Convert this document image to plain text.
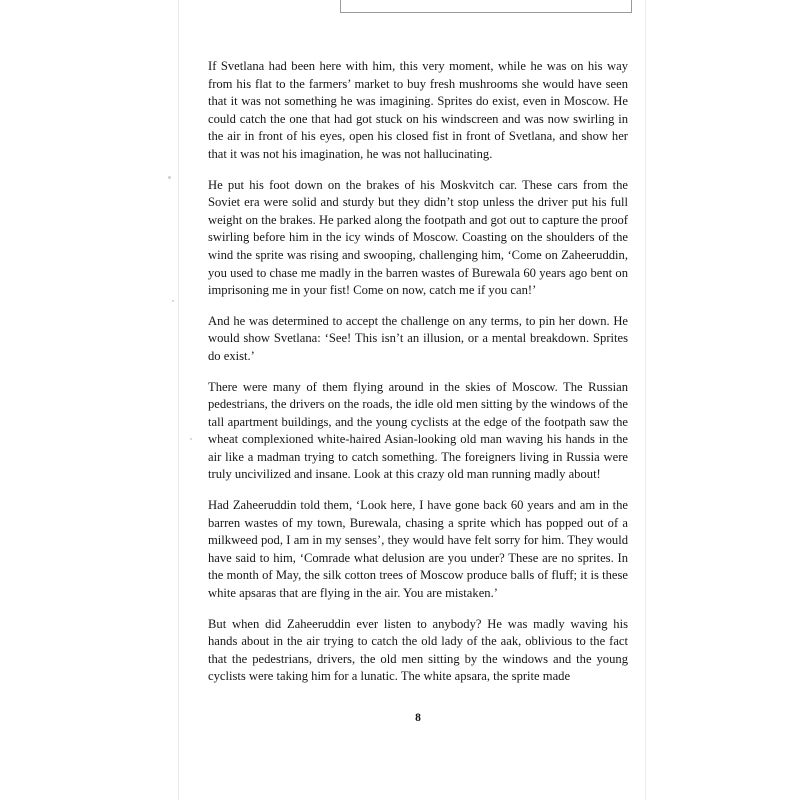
If Svetlana had been here with him, this very moment, while he was on his way from his flat to the farmers’ market to buy fresh mushrooms she would have seen that it was not something he was imagining. Sprites do exist, even in Moscow. He could catch the one that had got stuck on his windscreen and was now swirling in the air in front of his eyes, open his closed fist in front of Svetlana, and show her that it was not his imagination, he was not hallucinating.

He put his foot down on the brakes of his Moskvitch car. These cars from the Soviet era were solid and sturdy but they didn’t stop unless the driver put his full weight on the brakes. He parked along the footpath and got out to capture the proof swirling before him in the icy winds of Moscow. Coasting on the shoulders of the wind the sprite was rising and swooping, challenging him, ‘Come on Zaheeruddin, you used to chase me madly in the barren wastes of Burewala 60 years ago bent on imprisoning me in your fist! Come on now, catch me if you can!’

And he was determined to accept the challenge on any terms, to pin her down. He would show Svetlana: ‘See! This isn’t an illusion, or a mental breakdown. Sprites do exist.’

There were many of them flying around in the skies of Moscow. The Russian pedestrians, the drivers on the roads, the idle old men sitting by the windows of the tall apartment buildings, and the young cyclists at the edge of the footpath saw the wheat complexioned white-haired Asian-looking old man waving his hands in the air like a madman trying to catch something. The foreigners living in Russia were truly uncivilized and insane. Look at this crazy old man running madly about!

Had Zaheeruddin told them, ‘Look here, I have gone back 60 years and am in the barren wastes of my town, Burewala, chasing a sprite which has popped out of a milkweed pod, I am in my senses’, they would have felt sorry for him. They would have said to him, ‘Comrade what delusion are you under? These are no sprites. In the month of May, the silk cotton trees of Moscow produce balls of fluff; it is these white apsaras that are flying in the air. You are mistaken.’

But when did Zaheeruddin ever listen to anybody? He was madly waving his hands about in the air trying to catch the old lady of the aak, oblivious to the fact that the pedestrians, drivers, the old men sitting by the windows and the young cyclists were taking him for a lunatic. The white apsara, the sprite made

8
